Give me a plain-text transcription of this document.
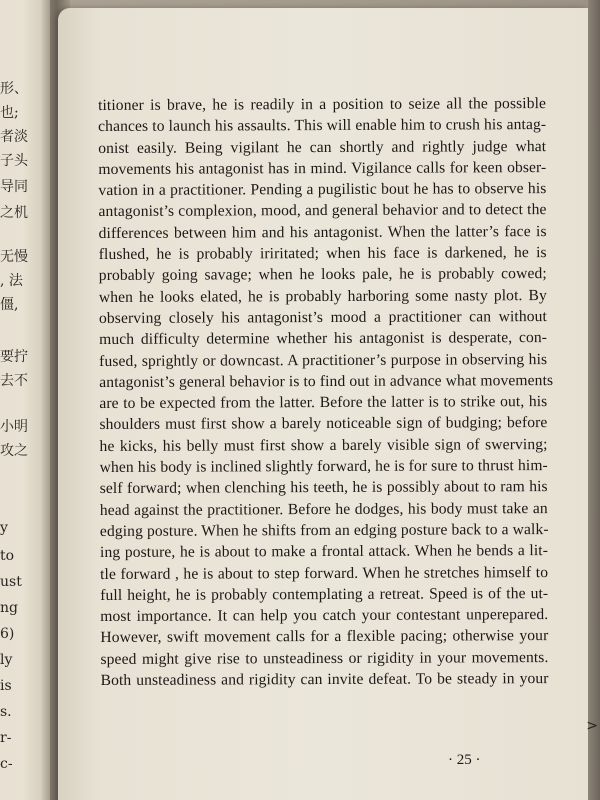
形、
也;
者淡
子头
导同
之机
无慢
, 法
僵,
要拧
去不
小明
攻之
y
to
ust
ng
6)
ly
is
s.
r-
c-
titioner is brave, he is readily in a position to seize all the possible
chances to launch his assaults. This will enable him to crush his antag-
onist easily. Being vigilant he can shortly and rightly judge what
movements his antagonist has in mind. Vigilance calls for keen obser-
vation in a practitioner. Pending a pugilistic bout he has to observe his
antagonist’s complexion, mood, and general behavior and to detect the
differences between him and his antagonist. When the latter’s face is
flushed, he is probably iriritated; when his face is darkened, he is
probably going savage; when he looks pale, he is probably cowed;
when he looks elated, he is probably harboring some nasty plot. By
observing closely his antagonist’s mood a practitioner can without
much difficulty determine whether his antagonist is desperate, con-
fused, sprightly or downcast. A practitioner’s purpose in observing his
antagonist’s general behavior is to find out in advance what movements
are to be expected from the latter. Before the latter is to strike out, his
shoulders must first show a barely noticeable sign of budging; before
he kicks, his belly must first show a barely visible sign of swerving;
when his body is inclined slightly forward, he is for sure to thrust him-
self forward; when clenching his teeth, he is possibly about to ram his
head against the practitioner. Before he dodges, his body must take an
edging posture. When he shifts from an edging posture back to a walk-
ing posture, he is about to make a frontal attack. When he bends a lit-
tle forward , he is about to step forward. When he stretches himself to
full height, he is probably contemplating a retreat. Speed is of the ut-
most importance. It can help you catch your contestant unperepared.
However, swift movement calls for a flexible pacing; otherwise your
speed might give rise to unsteadiness or rigidity in your movements.
Both unsteadiness and rigidity can invite defeat. To be steady in your
· 25 ·
>
